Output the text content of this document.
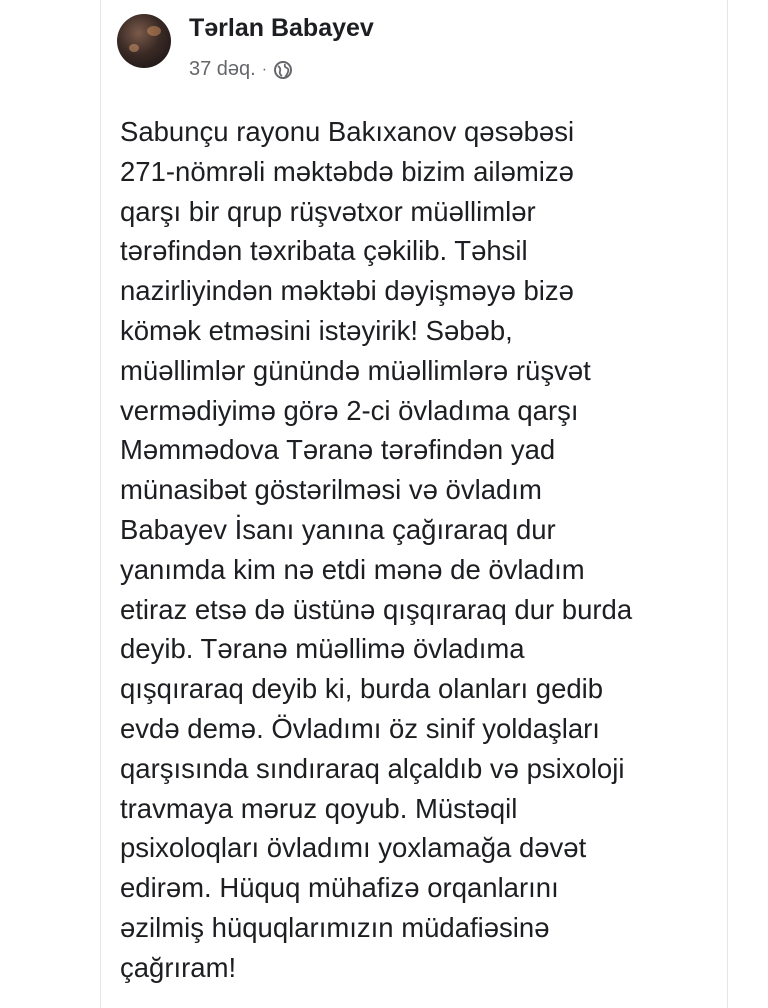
Tərlan Babayev
37 dəq. ·

Sabunçu rayonu Bakıxanov qəsəbəsi
271-nömrəli məktəbdə bizim ailəmizə
qarşı bir qrup rüşvətxor müəllimlər
tərəfindən təxribata çəkilib. Təhsil
nazirliyindən məktəbi dəyişməyə bizə
kömək etməsini istəyirik! Səbəb,
müəllimlər günündə müəllimlərə rüşvət
vermədiyimə görə 2-ci övladıma qarşı
Məmmədova Təranə tərəfindən yad
münasibət göstərilməsi və övladım
Babayev İsanı yanına çağıraraq dur
yanımda kim nə etdi mənə de övladım
etiraz etsə də üstünə qışqıraraq dur burda
deyib. Təranə müəllimə övladıma
qışqıraraq deyib ki, burda olanları gedib
evdə demə. Övladımı öz sinif yoldaşları
qarşısında sındıraraq alçaldıb və psixoloji
travmaya məruz qoyub. Müstəqil
psixoloqları övladımı yoxlamağa dəvət
edirəm. Hüquq mühafizə orqanlarını
əzilmiş hüquqlarımızın müdafiəsinə
çağrıram!
